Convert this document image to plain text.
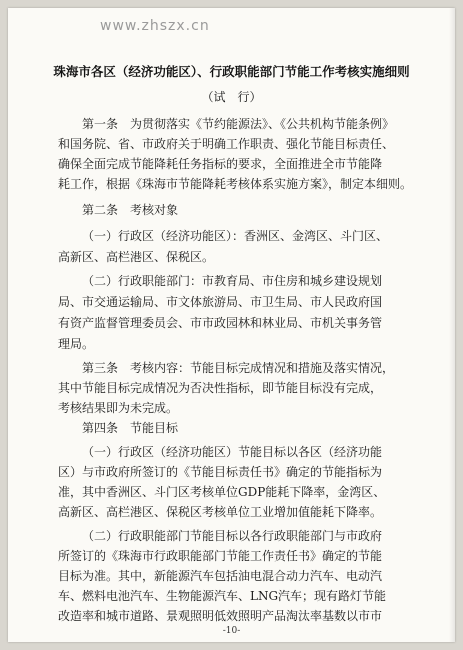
www.zhszx.cn
珠海市各区（经济功能区）、行政职能部门节能工作考核实施细则
（试　行）
第一条　为贯彻落实《节约能源法》、《公共机构节能条例》
和国务院、省、市政府关于明确工作职责、强化节能目标责任、
确保全面完成节能降耗任务指标的要求，全面推进全市节能降
耗工作，根据《珠海市节能降耗考核体系实施方案》，制定本细则。
第二条　考核对象
（一）行政区（经济功能区）：香洲区、金湾区、斗门区、
高新区、高栏港区、保税区。
（二）行政职能部门：市教育局、市住房和城乡建设规划
局、市交通运输局、市文体旅游局、市卫生局、市人民政府国
有资产监督管理委员会、市市政园林和林业局、市机关事务管
理局。
第三条　考核内容：节能目标完成情况和措施及落实情况，
其中节能目标完成情况为否决性指标，即节能目标没有完成，
考核结果即为未完成。
第四条　节能目标
（一）行政区（经济功能区）节能目标以各区（经济功能
区）与市政府所签订的《节能目标责任书》确定的节能指标为
准，其中香洲区、斗门区考核单位GDP能耗下降率，金湾区、
高新区、高栏港区、保税区考核单位工业增加值能耗下降率。
（二）行政职能部门节能目标以各行政职能部门与市政府
所签订的《珠海市行政职能部门节能工作责任书》确定的节能
目标为准。其中，新能源汽车包括油电混合动力汽车、电动汽
车、燃料电池汽车、生物能源汽车、LNG汽车；现有路灯节能
改造率和城市道路、景观照明低效照明产品淘汰率基数以市市
-10-
